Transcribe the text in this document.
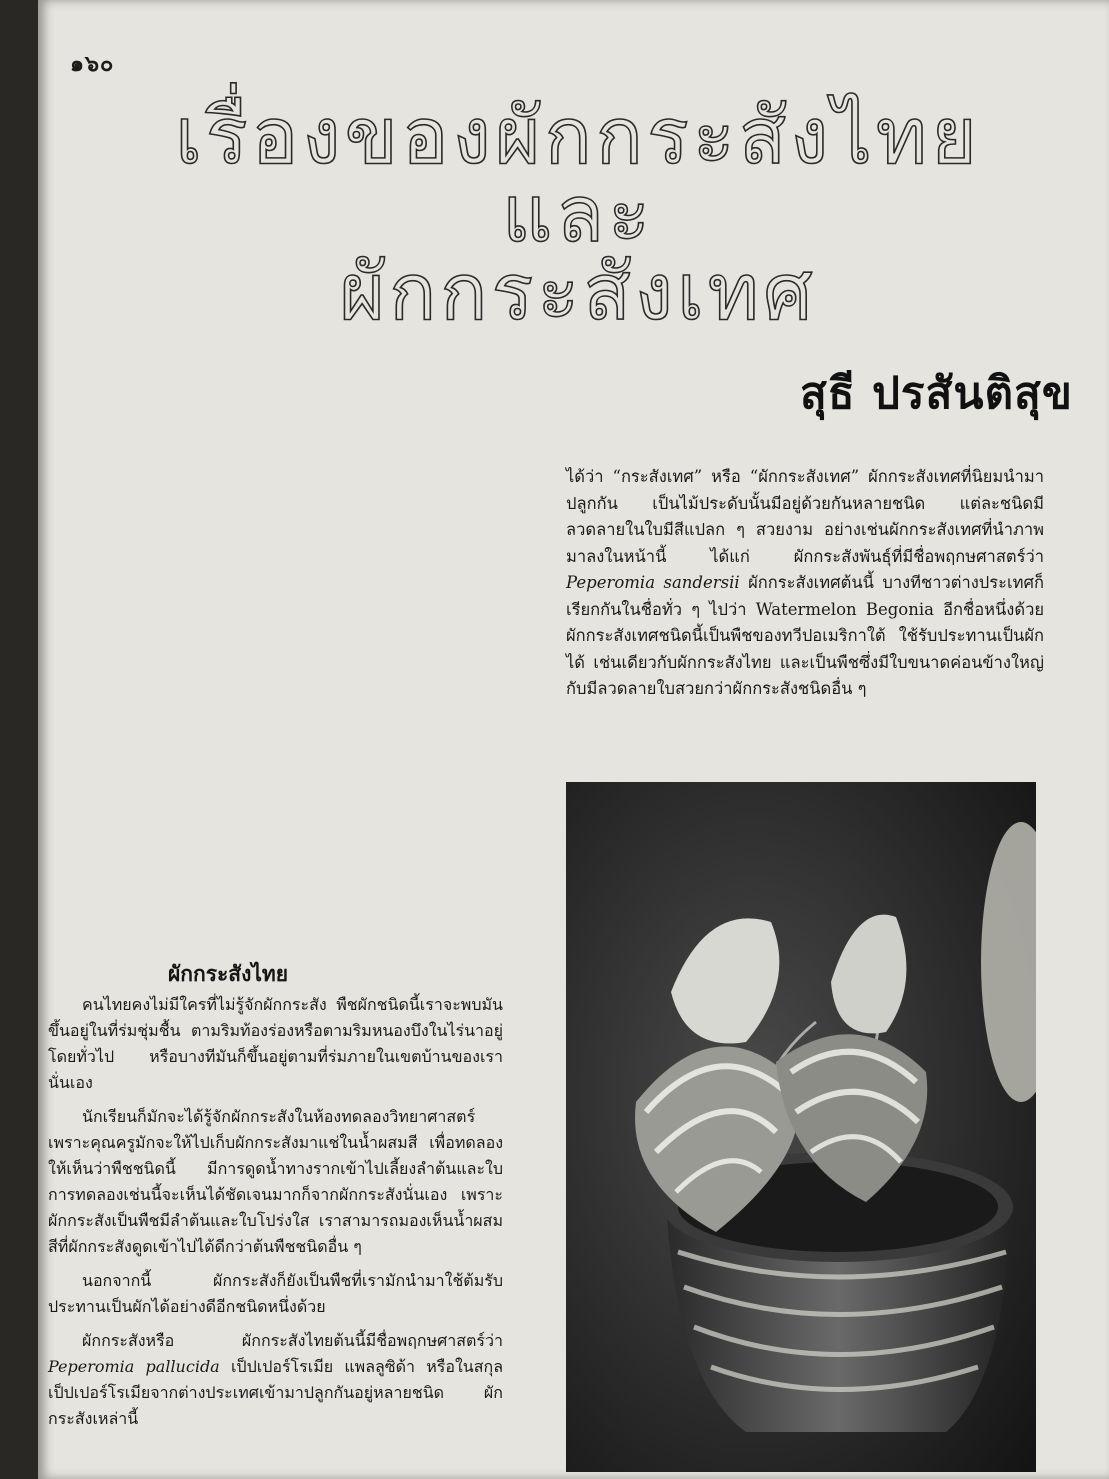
๑๖๐
เรื่องของผักกระสังไทย
และ
ผักกระสังเทศ
สุธี ปรสันติสุข

ได้ว่า “กระสังเทศ” หรือ “ผักกระสังเทศ” ผักกระสังเทศที่นิยมนำมาปลูกกัน เป็นไม้ประดับนั้นมีอยู่ด้วยกันหลายชนิด แต่ละชนิดมีลวดลายในใบมีสีแปลก ๆ สวยงาม อย่างเช่นผักกระสังเทศที่นำภาพมาลงในหน้านี้ ได้แก่ ผักกระสังพันธุ์ที่มีชื่อพฤกษศาสตร์ว่า Peperomia sandersii ผักกระสังเทศต้นนี้ บางทีชาวต่างประเทศก็เรียกกันในชื่อทั่ว ๆ ไปว่า Watermelon Begonia อีกชื่อหนึ่งด้วย ผักกระสังเทศชนิดนี้เป็นพืชของทวีปอเมริกาใต้ ใช้รับประทานเป็นผักได้ เช่นเดียวกับผักกระสังไทย และเป็นพืชซึ่งมีใบขนาดค่อนข้างใหญ่กับมีลวดลายใบสวยกว่าผักกระสังชนิดอื่น ๆ

ผักกระสังไทย

คนไทยคงไม่มีใครที่ไม่รู้จักผักกระสัง พืชผักชนิดนี้เราจะพบมันขึ้นอยู่ในที่ร่มชุ่มชื้น ตามริมท้องร่องหรือตามริมหนองบึงในไร่นาอยู่โดยทั่วไป หรือบางทีมันก็ขึ้นอยู่ตามที่ร่มภายในเขตบ้านของเรานั่นเอง

นักเรียนก็มักจะได้รู้จักผักกระสังในห้องทดลองวิทยาศาสตร์ เพราะคุณครูมักจะให้ไปเก็บผักกระสังมาแช่ในน้ำผสมสี เพื่อทดลองให้เห็นว่าพืชชนิดนี้ มีการดูดน้ำทางรากเข้าไปเลี้ยงลำต้นและใบ การทดลองเช่นนี้จะเห็นได้ชัดเจนมากก็จากผักกระสังนั่นเอง เพราะผักกระสังเป็นพืชมีลำต้นและใบโปร่งใส เราสามารถมองเห็นน้ำผสมสีที่ผักกระสังดูดเข้าไปได้ดีกว่าต้นพืชชนิดอื่น ๆ

นอกจากนี้ ผักกระสังก็ยังเป็นพืชที่เรามักนำมาใช้ต้มรับประทานเป็นผักได้อย่างดีอีกชนิดหนึ่งด้วย

ผักกระสังหรือ ผักกระสังไทยต้นนี้มีชื่อพฤกษศาสตร์ว่า Peperomia pallucida เป็ปเปอร์โรเมีย แพลลูซิด้า หรือในสกุล เป็ปเปอร์โรเมียจากต่างประเทศเข้ามาปลูกกันอยู่หลายชนิด ผักกระสังเหล่านี้
